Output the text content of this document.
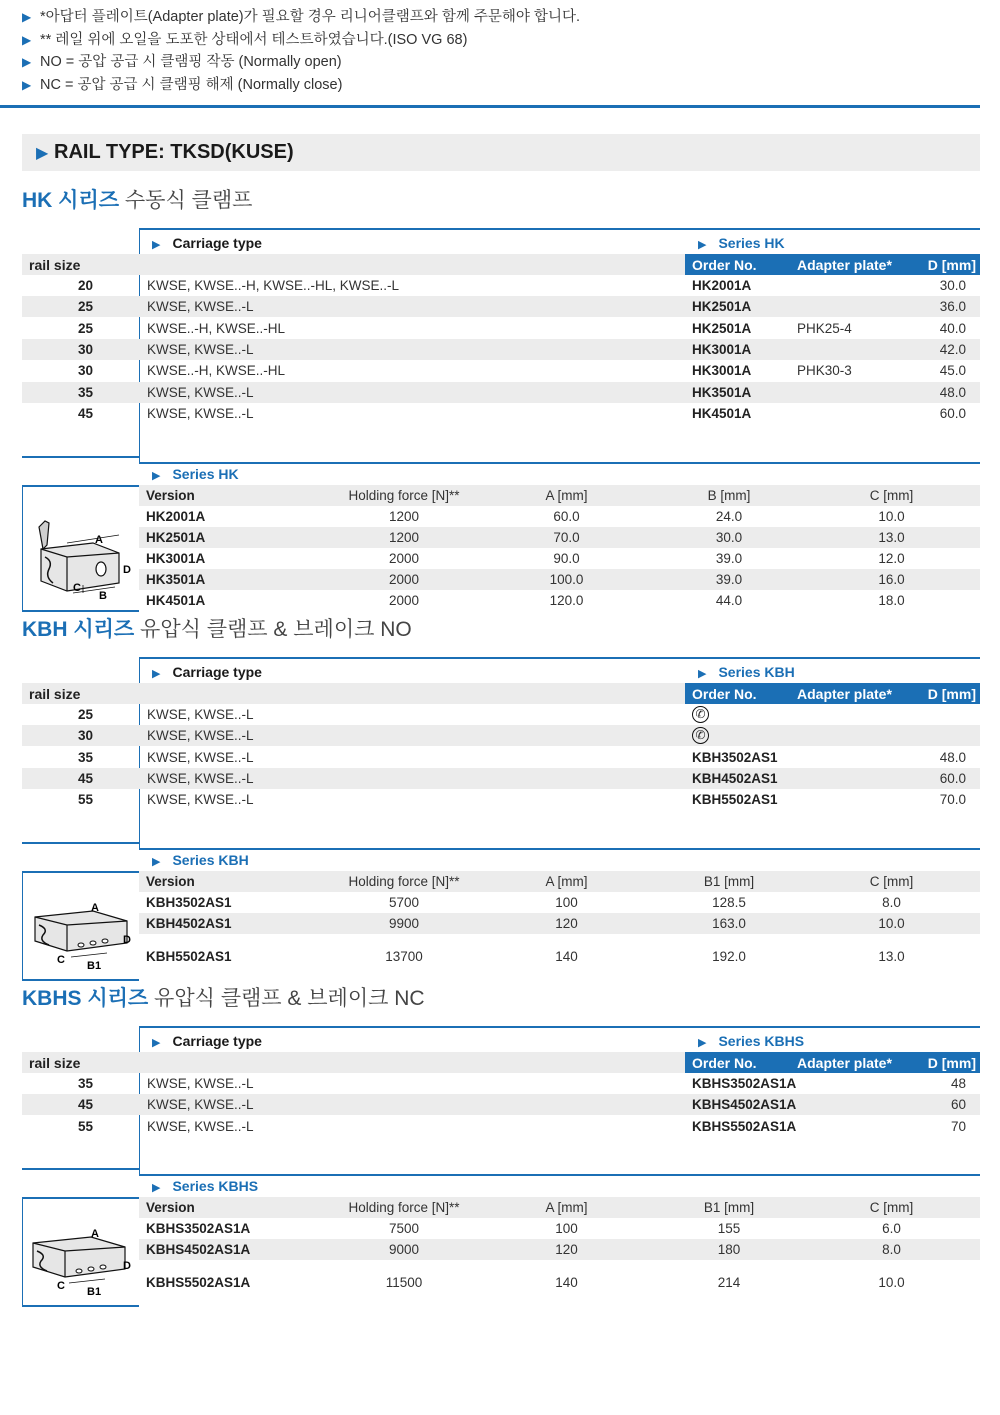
▶ *아답터 플레이트(Adapter plate)가 필요할 경우 리니어클램프와 함께 주문해야 합니다.
▶ ** 레일 위에 오일을 도포한 상태에서 테스트하였습니다.(ISO VG 68)
▶ NO = 공압 공급 시 클램핑 작동 (Normally open)
▶ NC = 공압 공급 시 클램핑 해제 (Normally close)
▶ RAIL TYPE: TKSD(KUSE)
HK 시리즈 수동식 클램프
▶ Carriage type	▶ Series HK
rail size	Order No.	Adapter plate*	D [mm]
▶ Series HK
Version	Holding force [N]**	A [mm]	B [mm]	C [mm]
HK2001A	1200	60.0	24.0	10.0
HK2501A	1200	70.0	30.0	13.0
HK3001A	2000	90.0	39.0	12.0
HK3501A	2000	100.0	39.0	16.0
HK4501A	2000	120.0	44.0	18.0
A
D
C
B
20	KWSE, KWSE..-H, KWSE..-HL, KWSE..-L	HK2001A	30.0
25	KWSE, KWSE..-L	HK2501A	36.0
25	KWSE..-H, KWSE..-HL	HK2501A	PHK25-4	40.0
30	KWSE, KWSE..-L	HK3001A	42.0
30	KWSE..-H, KWSE..-HL	HK3001A	PHK30-3	45.0
35	KWSE, KWSE..-L	HK3501A	48.0
45	KWSE, KWSE..-L	HK4501A	60.0
KBH 시리즈 유압식 클램프 & 브레이크 NO
▶ Carriage type	▶ Series KBH
rail size	Order No.	Adapter plate*	D [mm]
▶ Series KBH
Version	Holding force [N]**	A [mm]	B1 [mm]	C [mm]
KBH3502AS1	5700	100	128.5	8.0
KBH4502AS1	9900	120	163.0	10.0
KBH5502AS1	13700	140	192.0	13.0
A
D
C B1
25	KWSE, KWSE..-L	✆
30	KWSE, KWSE..-L	✆
35	KWSE, KWSE..-L	KBH3502AS1	48.0
45	KWSE, KWSE..-L	KBH4502AS1	60.0
55	KWSE, KWSE..-L	KBH5502AS1	70.0
KBHS 시리즈 유압식 클램프 & 브레이크 NC
▶ Carriage type	▶ Series KBHS
rail size	Order No.	Adapter plate*	D [mm]
▶ Series KBHS
Version	Holding force [N]**	A [mm]	B1 [mm]	C [mm]
KBHS3502AS1A	7500	100	155	6.0
KBHS4502AS1A	9000	120	180	8.0
KBHS5502AS1A	11500	140	214	10.0
A
D
C B1
35	KWSE, KWSE..-L	KBHS3502AS1A	48
45	KWSE, KWSE..-L	KBHS4502AS1A	60
55	KWSE, KWSE..-L	KBHS5502AS1A	70
